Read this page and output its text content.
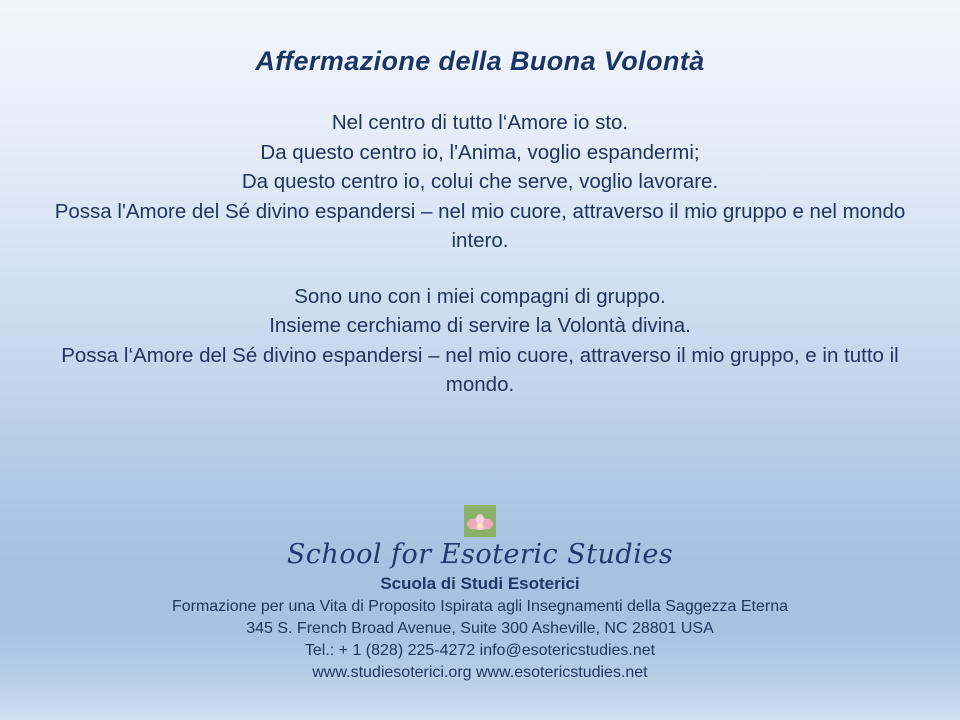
Affermazione della Buona Volontà

Nel centro di tutto l‘Amore io sto.

Da questo centro io, l'Anima, voglio espandermi;

Da questo centro io, colui che serve, voglio lavorare.

Possa l'Amore del Sé divino espandersi – nel mio cuore, attraverso il mio gruppo e nel mondo intero.

Sono uno con i miei compagni di gruppo.

Insieme cerchiamo di servire la Volontà divina.

Possa l‘Amore del Sé divino espandersi – nel mio cuore, attraverso il mio gruppo, e in tutto il mondo.

School for Esoteric Studies
Scuola di Studi Esoterici
Formazione per una Vita di Proposito Ispirata agli Insegnamenti della Saggezza Eterna
345 S. French Broad Avenue, Suite 300 Asheville, NC 28801 USA
Tel.: + 1 (828) 225-4272 info@esotericstudies.net
www.studiesoterici.org www.esotericstudies.net
